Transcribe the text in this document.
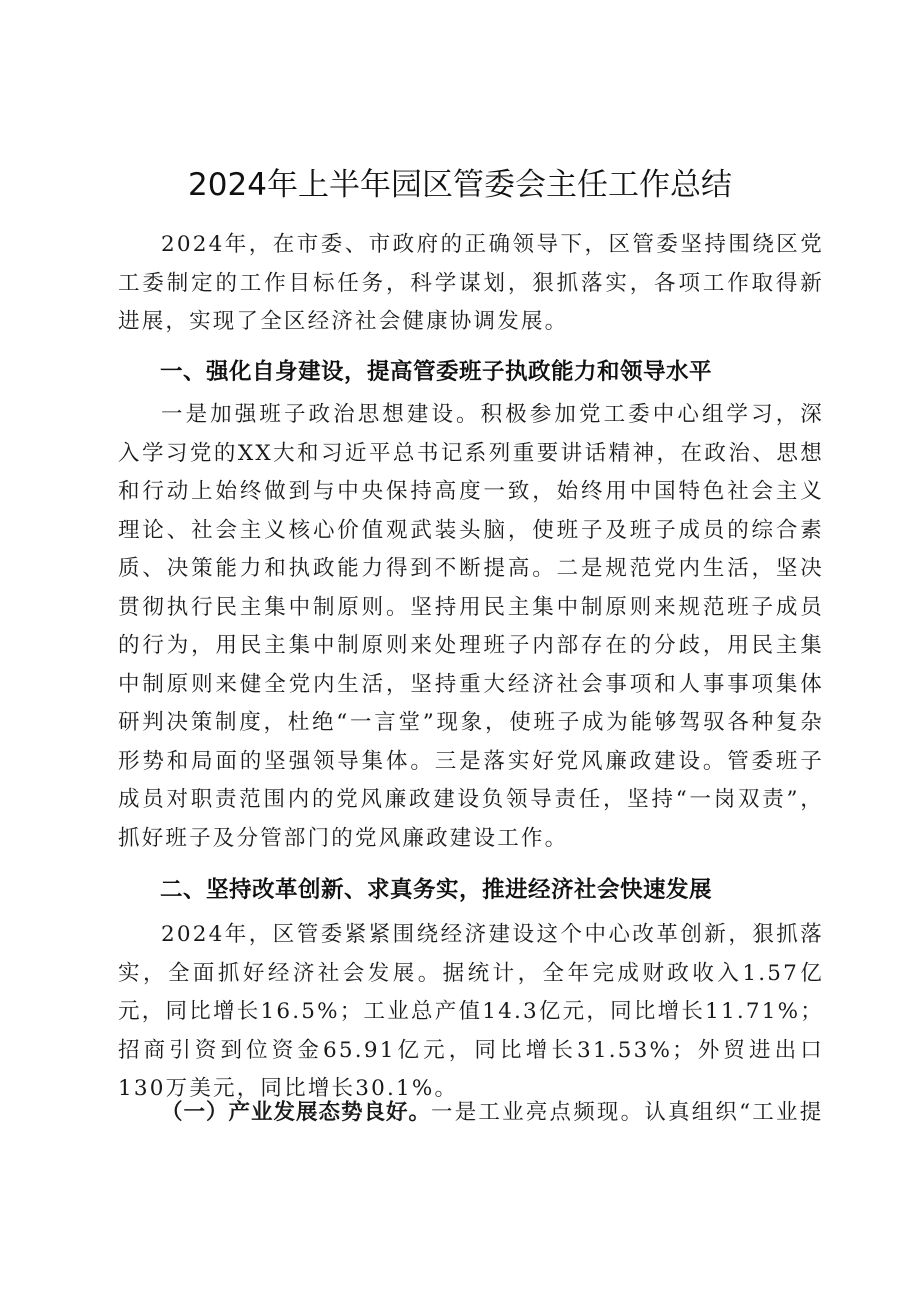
2024年上半年园区管委会主任工作总结

2024年，在市委、市政府的正确领导下，区管委坚持围绕区党工委制定的工作目标任务，科学谋划，狠抓落实，各项工作取得新进展，实现了全区经济社会健康协调发展。

一、强化自身建设，提高管委班子执政能力和领导水平

一是加强班子政治思想建设。积极参加党工委中心组学习，深入学习党的XX大和习近平总书记系列重要讲话精神，在政治、思想和行动上始终做到与中央保持高度一致，始终用中国特色社会主义理论、社会主义核心价值观武装头脑，使班子及班子成员的综合素质、决策能力和执政能力得到不断提高。二是规范党内生活，坚决贯彻执行民主集中制原则。坚持用民主集中制原则来规范班子成员的行为，用民主集中制原则来处理班子内部存在的分歧，用民主集中制原则来健全党内生活，坚持重大经济社会事项和人事事项集体研判决策制度，杜绝“一言堂”现象，使班子成为能够驾驭各种复杂形势和局面的坚强领导集体。三是落实好党风廉政建设。管委班子成员对职责范围内的党风廉政建设负领导责任，坚持“一岗双责”，抓好班子及分管部门的党风廉政建设工作。

二、坚持改革创新、求真务实，推进经济社会快速发展

2024年，区管委紧紧围绕经济建设这个中心改革创新，狠抓落实，全面抓好经济社会发展。据统计，全年完成财政收入1.57亿元，同比增长16.5%；工业总产值14.3亿元，同比增长11.71%；招商引资到位资金65.91亿元，同比增长31.53%；外贸进出口130万美元，同比增长30.1%。

（一）产业发展态势良好。一是工业亮点频现。认真组织“工业提
